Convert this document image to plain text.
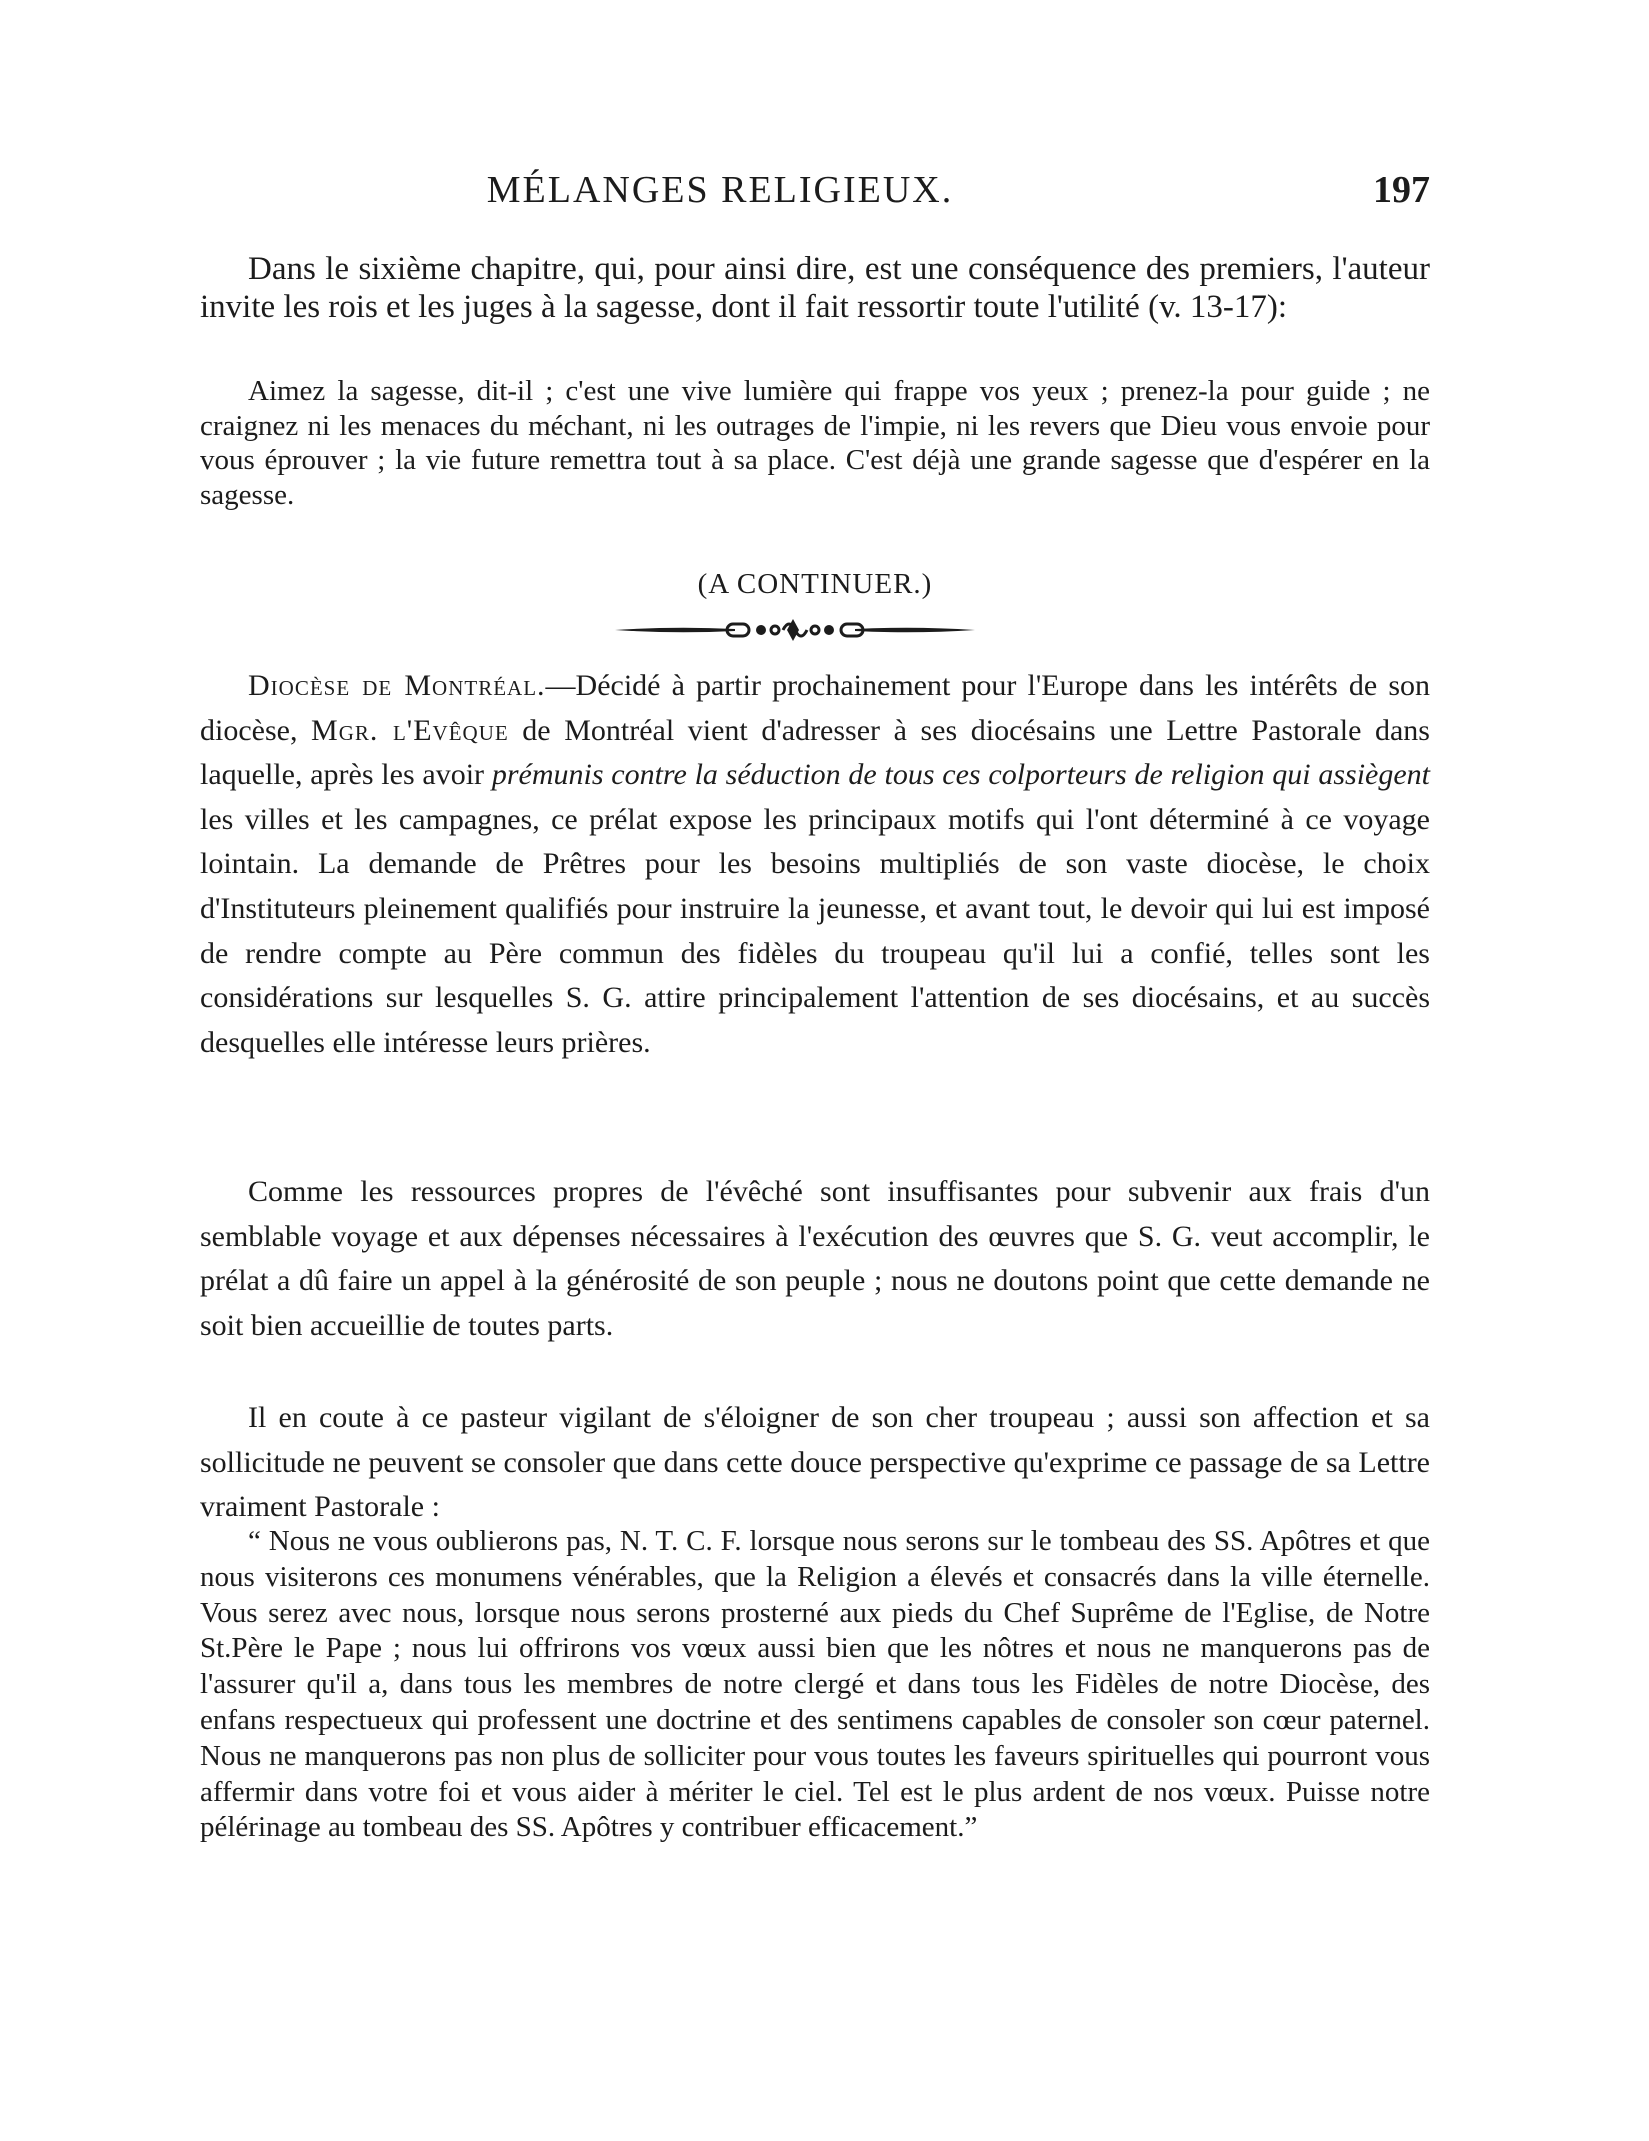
MÉLANGES RELIGIEUX.	197

Dans le sixième chapitre, qui, pour ainsi dire, est une conséquence des premiers, l'auteur invite les rois et les juges à la sagesse, dont il fait ressortir toute l'utilité (v. 13-17):

Aimez la sagesse, dit-il ; c'est une vive lumière qui frappe vos yeux ; prenez-la pour guide ; ne craignez ni les menaces du méchant, ni les outrages de l'impie, ni les revers que Dieu vous envoie pour vous éprouver ; la vie future remettra tout à sa place. C'est déjà une grande sagesse que d'espérer en la sagesse.

(A CONTINUER.)

Diocèse de Montréal.—Décidé à partir prochainement pour l'Europe dans les intérêts de son diocèse, Mgr. l'Evêque de Montréal vient d'adresser à ses diocésains une Lettre Pastorale dans laquelle, après les avoir prémunis contre la séduction de tous ces colporteurs de religion qui assiègent les villes et les campagnes, ce prélat expose les principaux motifs qui l'ont déterminé à ce voyage lointain. La demande de Prêtres pour les besoins multipliés de son vaste diocèse, le choix d'Instituteurs pleinement qualifiés pour instruire la jeunesse, et avant tout, le devoir qui lui est imposé de rendre compte au Père commun des fidèles du troupeau qu'il lui a confié, telles sont les considérations sur lesquelles S. G. attire principalement l'attention de ses diocésains, et au succès desquelles elle intéresse leurs prières.

Comme les ressources propres de l'évêché sont insuffisantes pour subvenir aux frais d'un semblable voyage et aux dépenses nécessaires à l'exécution des œuvres que S. G. veut accomplir, le prélat a dû faire un appel à la générosité de son peuple ; nous ne doutons point que cette demande ne soit bien accueillie de toutes parts.

Il en coute à ce pasteur vigilant de s'éloigner de son cher troupeau ; aussi son affection et sa sollicitude ne peuvent se consoler que dans cette douce perspective qu'exprime ce passage de sa Lettre vraiment Pastorale :

“ Nous ne vous oublierons pas, N. T. C. F. lorsque nous serons sur le tombeau des SS. Apôtres et que nous visiterons ces monumens vénérables, que la Religion a élevés et consacrés dans la ville éternelle. Vous serez avec nous, lorsque nous serons prosterné aux pieds du Chef Suprême de l'Eglise, de Notre St.Père le Pape ; nous lui offrirons vos vœux aussi bien que les nôtres et nous ne manquerons pas de l'assurer qu'il a, dans tous les membres de notre clergé et dans tous les Fidèles de notre Diocèse, des enfans respectueux qui professent une doctrine et des sentimens capables de consoler son cœur paternel. Nous ne manquerons pas non plus de solliciter pour vous toutes les faveurs spirituelles qui pourront vous affermir dans votre foi et vous aider à mériter le ciel. Tel est le plus ardent de nos vœux. Puisse notre pélérinage au tombeau des SS. Apôtres y contribuer efficacement.”
